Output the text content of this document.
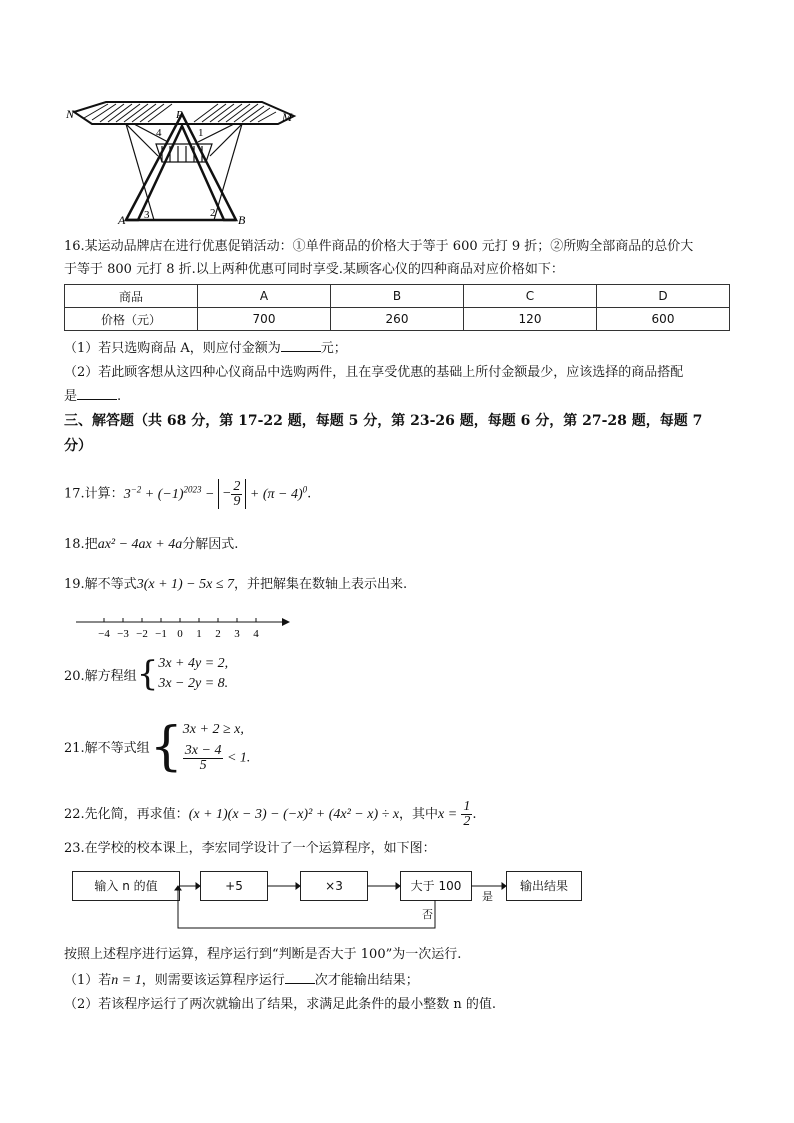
N	M
P
4	1
3	2
A	B
16.某运动品牌店在进行优惠促销活动：①单件商品的价格大于等于 600 元打 9 折；②所购全部商品的总价大
于等于 800 元打 8 折.以上两种优惠可同时享受.某顾客心仪的四种商品对应价格如下：
商品	A	B	C	D
价格（元）	700	260	120	600
（1）若只选购商品 A，则应付金额为	元；
（2）若此顾客想从这四种心仪商品中选购两件，且在享受优惠的基础上所付金额最少，应该选择的商品搭配
是	.
三、解答题（共 68 分，第 17-22 题，每题 5 分，第 23-26 题，每题 6 分，第 27-28 题，每题 7
分）
17.计算：$3^{-2} + (-1)^{2023}$ − − $\frac{2}{9} + (\pi - 4)^0$.
18.把ax² − 4ax + 4a分解因式.
19.解不等式3(x + 1) − 5x ≤ 7，并把解集在数轴上表示出来.
−4 −3 −2 −1 0 1 2 3 4
20.解方程组 { 3x + 4y = 2,
3x − 2y = 8.
21.解不等式组 { 3x + 2 ≥ x,
$\frac{3x - 4}{5} < 1$.
22.先化简，再求值：(x + 1)(x − 3) − (−x)² + (4x² − x) ÷ x，其中$x = \frac{1}{2}$ .
23.在学校的校本课上，李宏同学设计了一个运算程序，如下图：
输入 n 的值	+5	×3	大于 100	输出结果
是
否
按照上述程序进行运算，程序运行到“判断是否大于 100”为一次运行.
（1）若n = 1，则需要该运算程序运行 次才能输出结果；
（2）若该程序运行了两次就输出了结果，求满足此条件的最小整数 n 的值.
